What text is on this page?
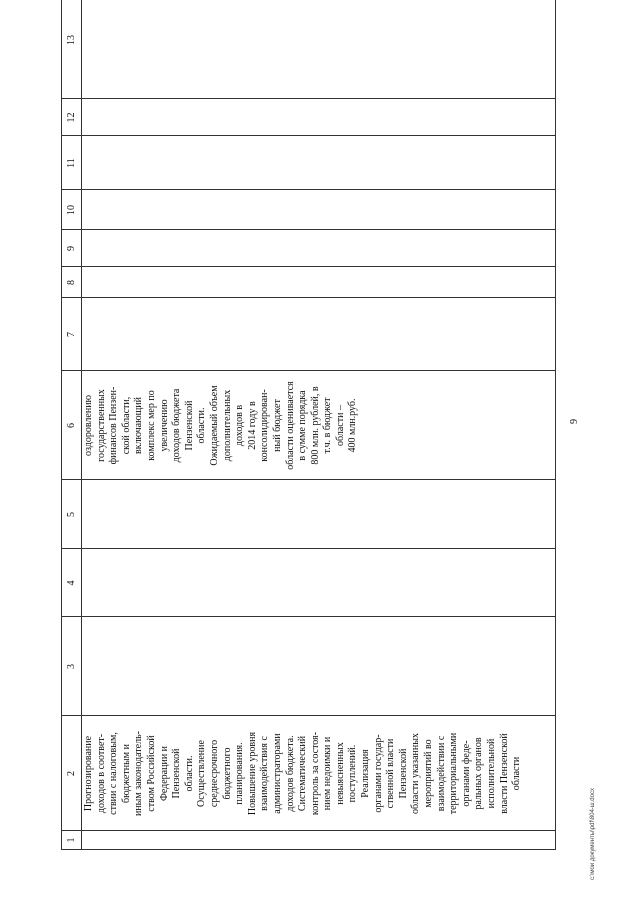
1
2
3
4
5
6
7
8
9
10
11
12
13
Прогнозирование
доходов в соответ-
ствии с налоговым,
бюджетным и
иным законодатель-
ством Российской
Федерации и
Пензенской
области.
Осуществление
среднесрочного
бюджетного
планирования.
Повышение уровня
взаимодействия с
администраторами
доходов бюджета.
Систематический
контроль за состоя-
нием недоимки и
невыясненных
поступлений.
Реализация
органами государ-
ственной власти
Пензенской
области указанных
мероприятий во
взаимодействии с
территориальными
органами феде-
ральных органов
исполнительной
власти Пензенской
области
оздоровлению
государственных
финансов Пензен-
ской области,
включающий
комплекс мер по
увеличению
доходов бюджета
Пензенской
области.
Ожидаемый объем
дополнительных
доходов в
2014 году в
консолидирован-
ный бюджет
области оценивается
в сумме порядка
800 млн. рублей, в
т.ч. в бюджет
области –
400 млн.руб.	9
c:\мои документы\pdf\804-ш.docx
